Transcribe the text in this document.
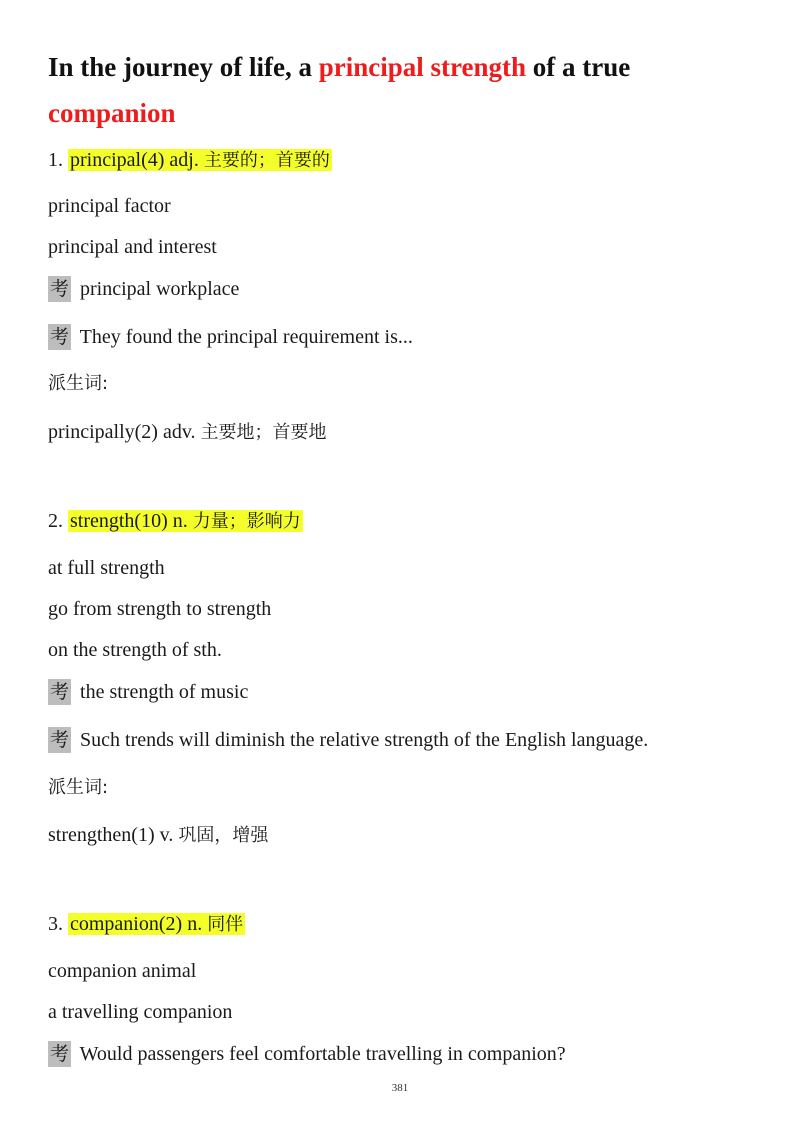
In the journey of life, a principal strength of a true
companion
1. principal(4) adj. 主要的；首要的
principal factor
principal and interest
考 principal workplace
考 They found the principal requirement is...
派生词:
principally(2) adv. 主要地；首要地
2. strength(10) n. 力量；影响力
at full strength
go from strength to strength
on the strength of sth.
考 the strength of music
考 Such trends will diminish the relative strength of the English language.
派生词:
strengthen(1) v. 巩固，增强
3. companion(2) n. 同伴
companion animal
a travelling companion
考 Would passengers feel comfortable travelling in companion?
381
